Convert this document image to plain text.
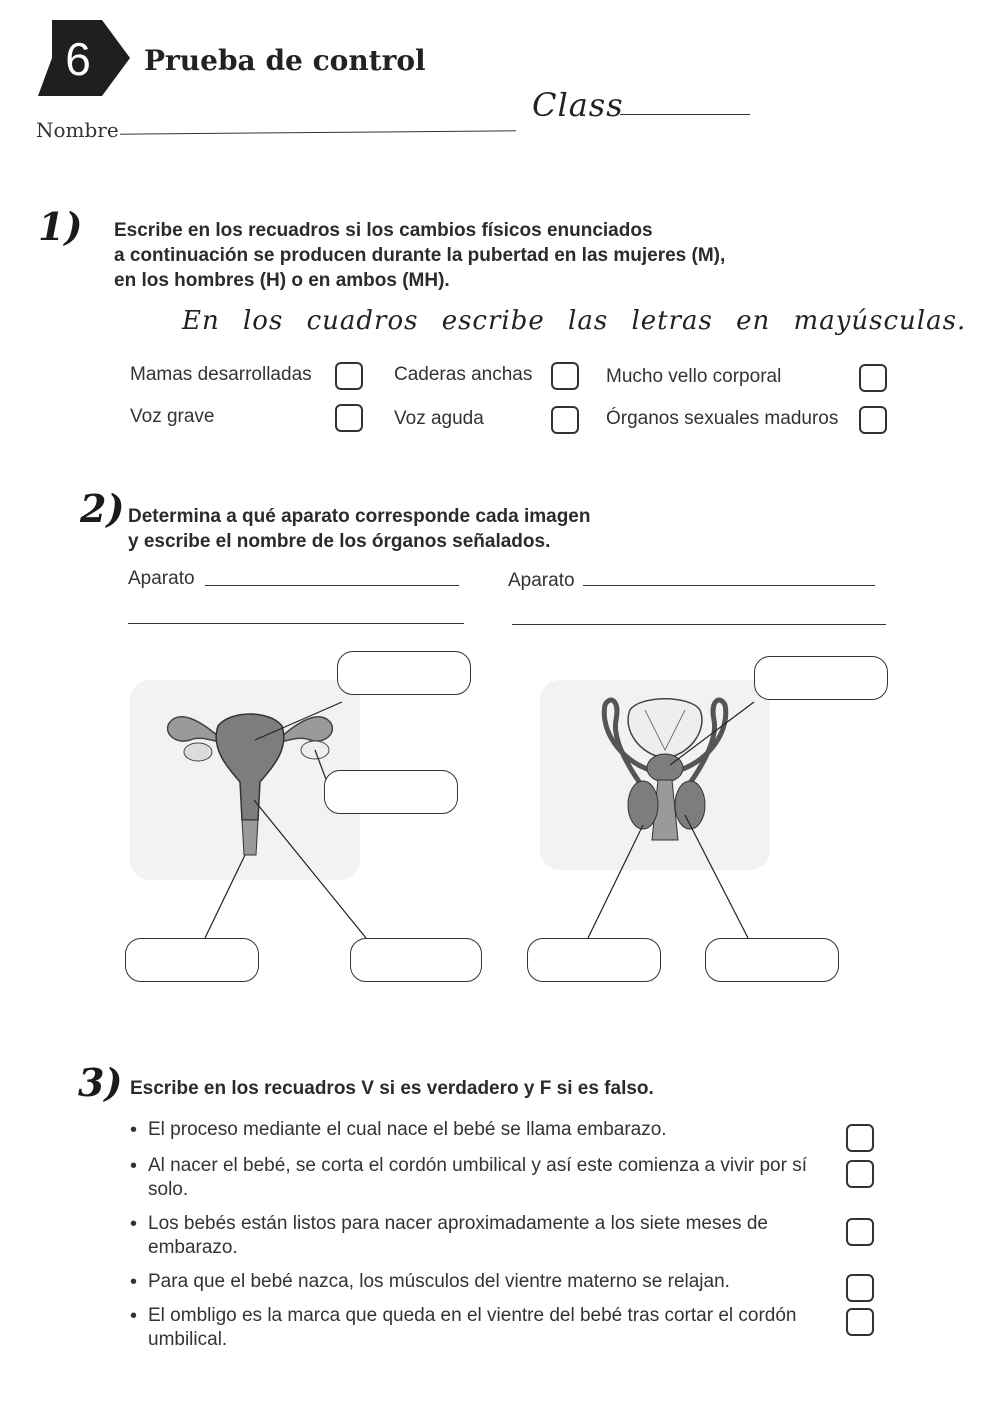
6	Prueba de control
Class
Nombre
1) Escribe en los recuadros si los cambios físicos enunciados
a continuación se producen durante la pubertad en las mujeres (M),
en los hombres (H) o en ambos (MH).
En los cuadros escribe las letras en mayúsculas.
Mamas desarrolladas	Caderas anchas	Mucho vello corporal
Voz grave	Voz aguda	Órganos sexuales maduros
2) Determina a qué aparato corresponde cada imagen
y escribe el nombre de los órganos señalados.
Aparato	Aparato
3) Escribe en los recuadros V si es verdadero y F si es falso.
• El proceso mediante el cual nace el bebé se llama embarazo.
• Al nacer el bebé, se corta el cordón umbilical y así este comienza a vivir por sí solo.
• Los bebés están listos para nacer aproximadamente a los siete meses de embarazo.
• Para que el bebé nazca, los músculos del vientre materno se relajan.
• El ombligo es la marca que queda en el vientre del bebé tras cortar el cordón umbilical.
